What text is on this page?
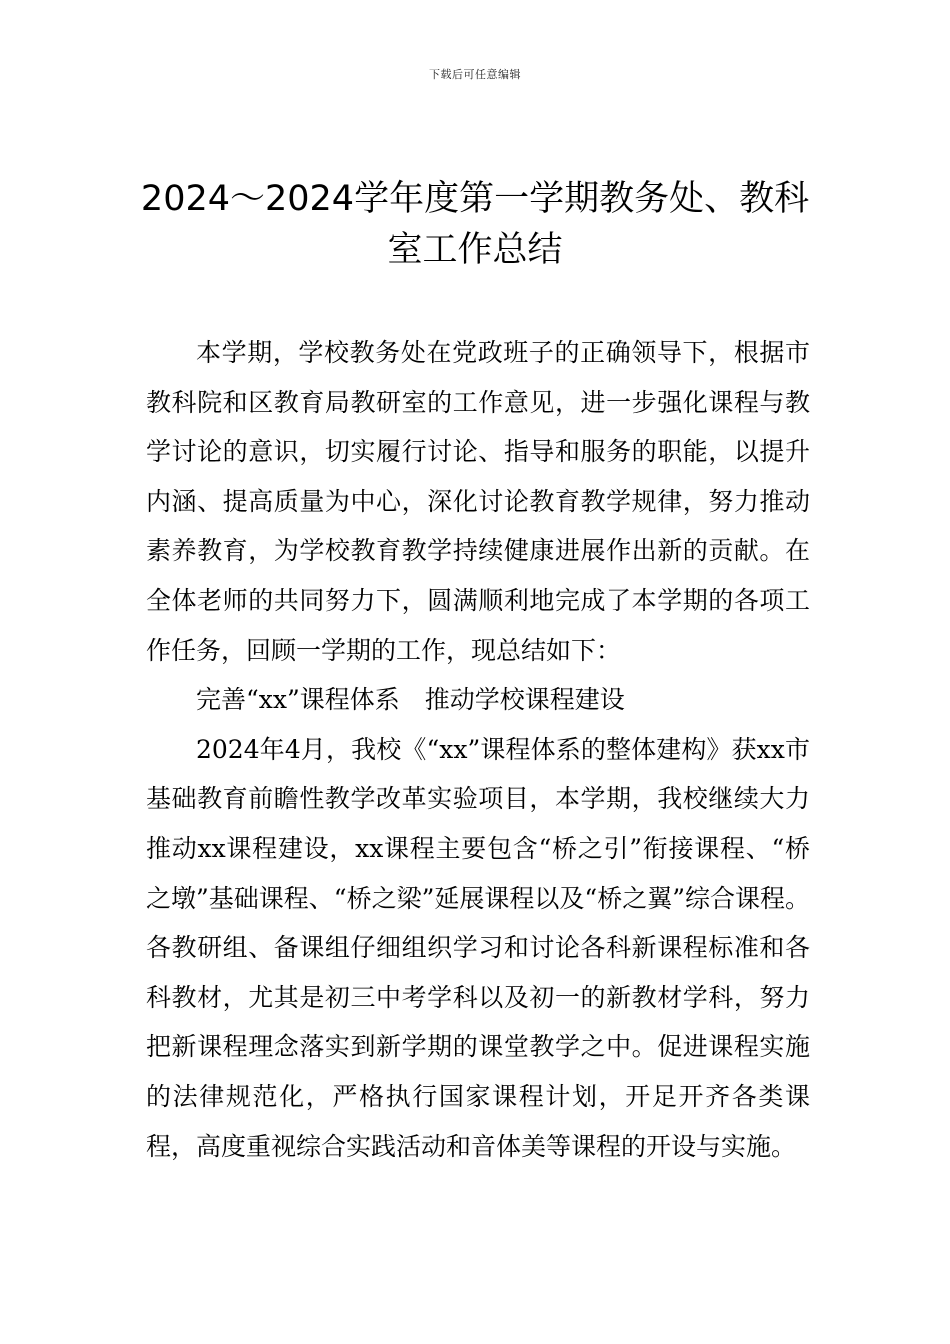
下载后可任意编辑
2024～2024学年度第一学期教务处、教科室工作总结

本学期，学校教务处在党政班子的正确领导下，根据市教科院和区教育局教研室的工作意见，进一步强化课程与教学讨论的意识，切实履行讨论、指导和服务的职能，以提升内涵、提高质量为中心，深化讨论教育教学规律，努力推动素养教育，为学校教育教学持续健康进展作出新的贡献。在全体老师的共同努力下，圆满顺利地完成了本学期的各项工作任务，回顾一学期的工作，现总结如下：

完善“xx”课程体系　推动学校课程建设

2024年4月，我校《“xx”课程体系的整体建构》获xx市基础教育前瞻性教学改革实验项目，本学期，我校继续大力推动xx课程建设，xx课程主要包含“桥之引”衔接课程、“桥之墩”基础课程、“桥之梁”延展课程以及“桥之翼”综合课程。各教研组、备课组仔细组织学习和讨论各科新课程标准和各科教材，尤其是初三中考学科以及初一的新教材学科，努力把新课程理念落实到新学期的课堂教学之中。促进课程实施的法律规范化，严格执行国家课程计划，开足开齐各类课程，高度重视综合实践活动和音体美等课程的开设与实施。
